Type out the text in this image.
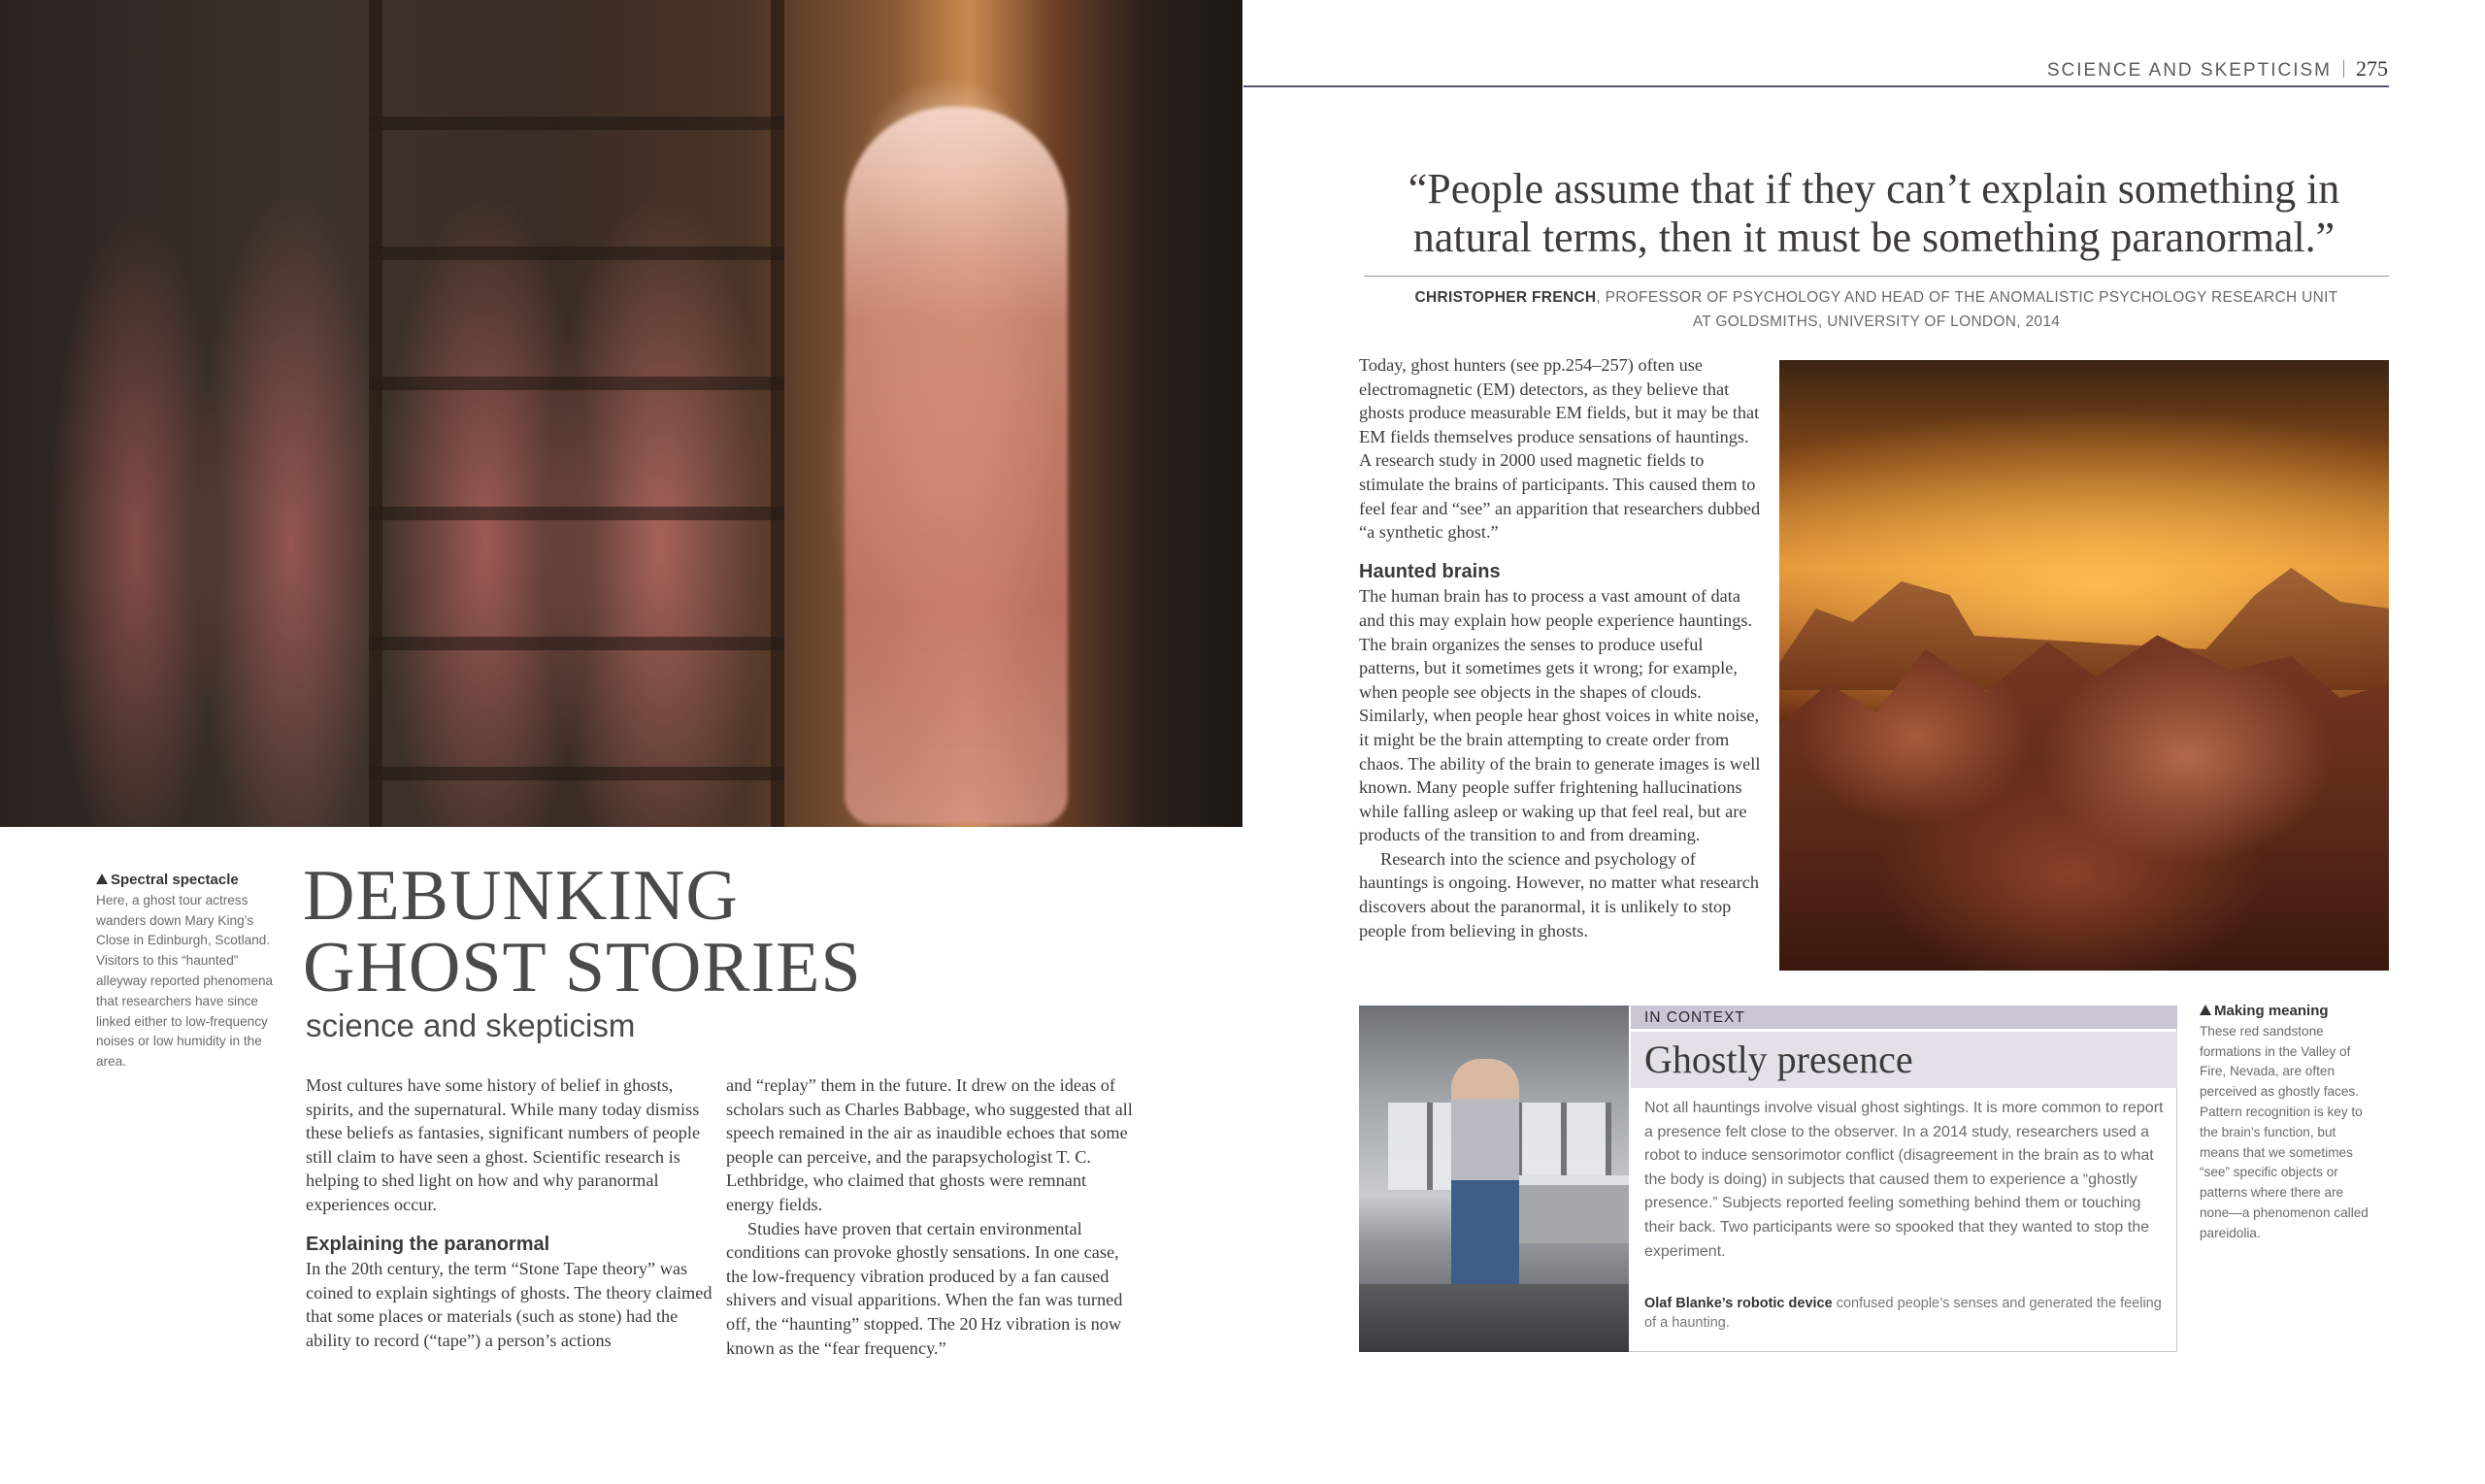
SCIENCE AND SKEPTICISM 275
“People assume that if they can’t explain something in
natural terms, then it must be something paranormal.”
CHRISTOPHER FRENCH, PROFESSOR OF PSYCHOLOGY AND HEAD OF THE ANOMALISTIC PSYCHOLOGY RESEARCH UNIT
AT GOLDSMITHS, UNIVERSITY OF LONDON, 2014

Today, ghost hunters (see pp.254–257) often use electromagnetic (EM) detectors, as they believe that ghosts produce measurable EM fields, but it may be that EM fields themselves produce sensations of hauntings. A research study in 2000 used magnetic fields to stimulate the brains of participants. This caused them to feel fear and “see” an apparition that researchers dubbed “a synthetic ghost.”

Haunted brains

The human brain has to process a vast amount of data and this may explain how people experience hauntings. The brain organizes the senses to produce useful patterns, but it sometimes gets it wrong; for example, when people see objects in the shapes of clouds. Similarly, when people hear ghost voices in white noise, it might be the brain attempting to create order from chaos. The ability of the brain to generate images is well known. Many people suffer frightening hallucinations while falling asleep or waking up that feel real, but are products of the transition to and from dreaming.

Research into the science and psychology of hauntings is ongoing. However, no matter what research discovers about the paranormal, it is unlikely to stop people from believing in ghosts.

Spectral spectacle
Here, a ghost tour actress wanders down Mary King’s Close in Edinburgh, Scotland. Visitors to this “haunted” alleyway reported phenomena that researchers have since linked either to low-frequency noises or low humidity in the area.
DEBUNKING
GHOST STORIES
science and skepticism

Most cultures have some history of belief in ghosts, spirits, and the supernatural. While many today dismiss these beliefs as fantasies, significant numbers of people still claim to have seen a ghost. Scientific research is helping to shed light on how and why paranormal experiences occur.

Explaining the paranormal

In the 20th century, the term “Stone Tape theory” was coined to explain sightings of ghosts. The theory claimed that some places or materials (such as stone) had the ability to record (“tape”) a person’s actions

and “replay” them in the future. It drew on the ideas of scholars such as Charles Babbage, who suggested that all speech remained in the air as inaudible echoes that some people can perceive, and the parapsychologist T. C. Lethbridge, who claimed that ghosts were remnant energy fields.

Studies have proven that certain environmental conditions can provoke ghostly sensations. In one case, the low-frequency vibration produced by a fan caused shivers and visual apparitions. When the fan was turned off, the “haunting” stopped. The 20 Hz vibration is now known as the “fear frequency.”

IN CONTEXT
Ghostly presence
Not all hauntings involve visual ghost sightings. It is more common to report a presence felt close to the observer. In a 2014 study, researchers used a robot to induce sensorimotor conflict (disagreement in the brain as to what the body is doing) in subjects that caused them to experience a “ghostly presence.” Subjects reported feeling something behind them or touching their back. Two participants were so spooked that they wanted to stop the experiment.
Olaf Blanke’s robotic device confused people’s senses and generated the feeling of a haunting.
Making meaning
These red sandstone formations in the Valley of Fire, Nevada, are often perceived as ghostly faces. Pattern recognition is key to the brain’s function, but means that we sometimes “see” specific objects or patterns where there are none—a phenomenon called pareidolia.
